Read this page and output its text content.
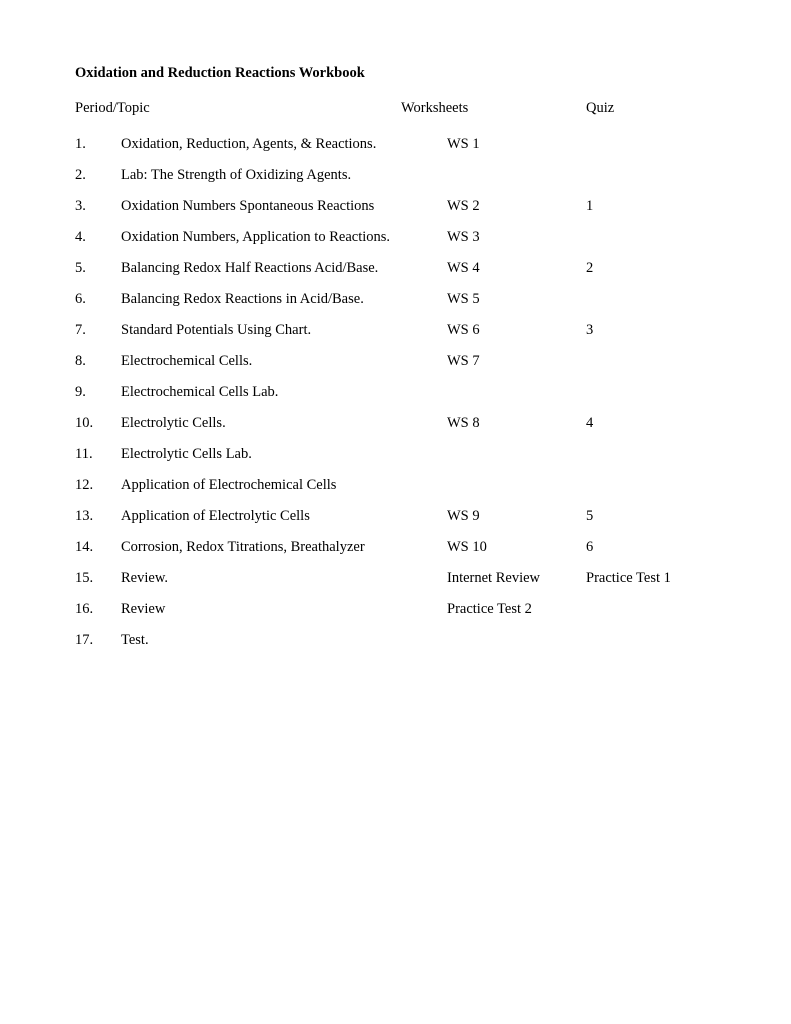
Oxidation and Reduction Reactions Workbook
Period/Topic	Worksheets	Quiz
1. Oxidation, Reduction, Agents, & Reactions.	WS 1
2. Lab: The Strength of Oxidizing Agents.
3. Oxidation Numbers Spontaneous Reactions	WS 2	1
4. Oxidation Numbers, Application to Reactions.	WS 3
5. Balancing Redox Half Reactions Acid/Base.	WS 4	2
6. Balancing Redox Reactions in Acid/Base.	WS 5
7. Standard Potentials Using Chart.	WS 6	3
8. Electrochemical Cells.	WS 7
9. Electrochemical Cells Lab.
10. Electrolytic Cells.	WS 8	4
11. Electrolytic Cells Lab.
12. Application of Electrochemical Cells
13. Application of Electrolytic Cells	WS 9	5
14. Corrosion, Redox Titrations, Breathalyzer	WS 10	6
15. Review.	Internet Review	Practice Test 1
16. Review	Practice Test 2
17. Test.
